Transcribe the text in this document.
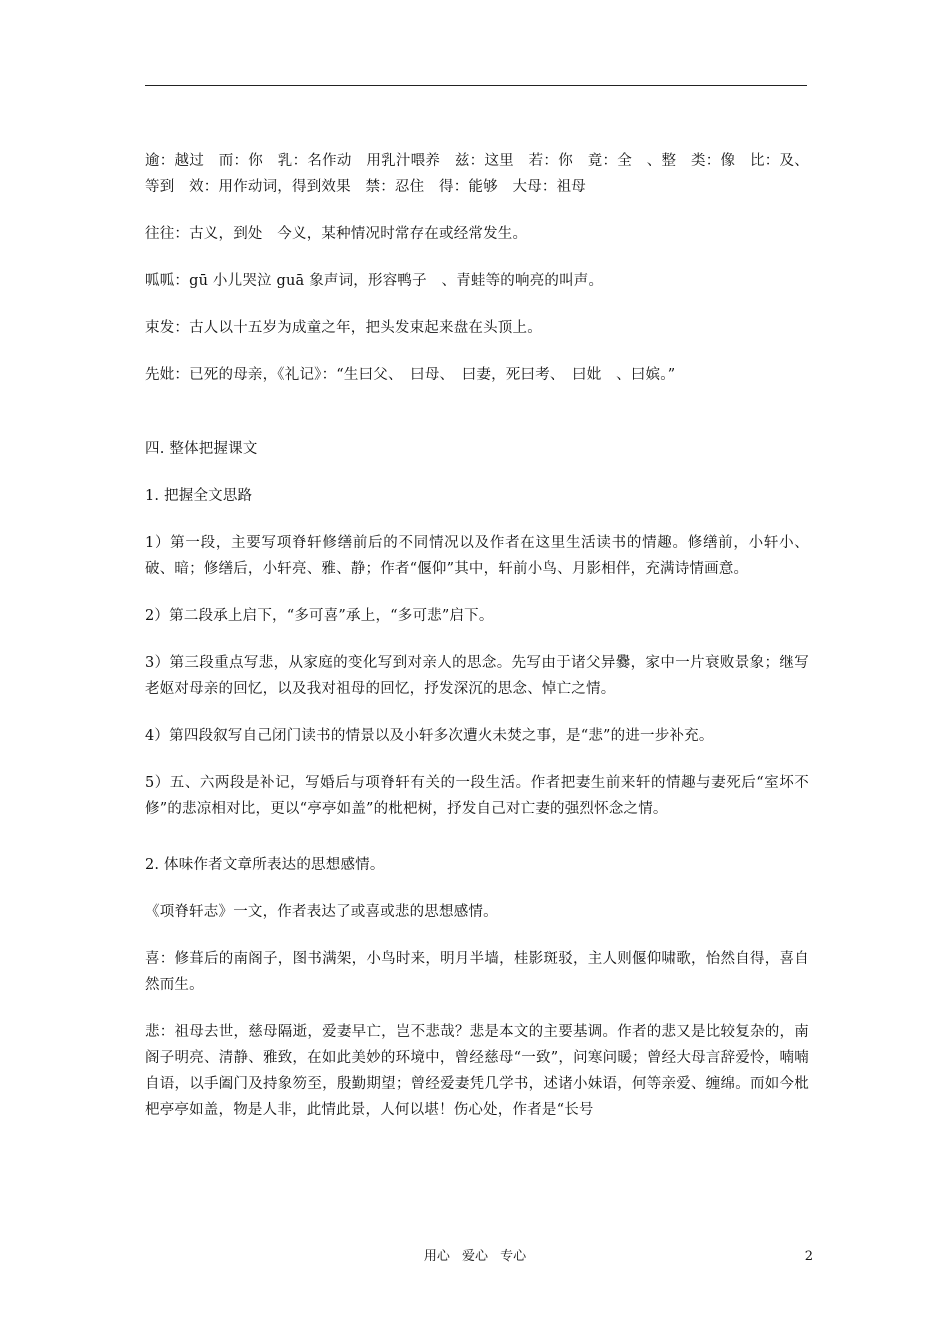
逾：越过　而：你　乳：名作动　用乳汁喂养　兹：这里　若：你　竟：全　、整　类：像　比：及、等到　效：用作动词，得到效果　禁：忍住　得：能够　大母：祖母

往往：古义，到处　今义，某种情况时常存在或经常发生。

呱呱：gū 小儿哭泣 guā 象声词，形容鸭子　、青蛙等的响亮的叫声。

束发：古人以十五岁为成童之年，把头发束起来盘在头顶上。

先妣：已死的母亲，《礼记》：“生曰父、　曰母、　曰妻，死曰考、　曰妣　、曰嫔。”

四. 整体把握课文

1. 把握全文思路

1）第一段，主要写项脊轩修缮前后的不同情况以及作者在这里生活读书的情趣。修缮前，小轩小、破、暗；修缮后，小轩亮、雅、静；作者“偃仰”其中，轩前小鸟、月影相伴，充满诗情画意。

2）第二段承上启下，“多可喜”承上，“多可悲”启下。

3）第三段重点写悲，从家庭的变化写到对亲人的思念。先写由于诸父异爨，家中一片衰败景象；继写老妪对母亲的回忆，以及我对祖母的回忆，抒发深沉的思念、悼亡之情。

4）第四段叙写自己闭门读书的情景以及小轩多次遭火未焚之事，是“悲”的进一步补充。

5）五、六两段是补记，写婚后与项脊轩有关的一段生活。作者把妻生前来轩的情趣与妻死后“室坏不修”的悲凉相对比，更以“亭亭如盖”的枇杷树，抒发自己对亡妻的强烈怀念之情。

2. 体味作者文章所表达的思想感情。

《项脊轩志》一文，作者表达了或喜或悲的思想感情。

喜：修葺后的南阁子，图书满架，小鸟时来，明月半墙，桂影斑驳，主人则偃仰啸歌，怡然自得，喜自然而生。

悲：祖母去世，慈母隔逝，爱妻早亡，岂不悲哉？悲是本文的主要基调。作者的悲又是比较复杂的，南阁子明亮、清静、雅致，在如此美妙的环境中，曾经慈母“一致”，问寒问暖；曾经大母言辞爱怜，喃喃自语，以手阖门及持象笏至，殷勤期望；曾经爱妻凭几学书，述诸小妹语，何等亲爱、缠绵。而如今枇杷亭亭如盖，物是人非，此情此景，人何以堪！伤心处，作者是“长号

用心 爱心 专心	2
